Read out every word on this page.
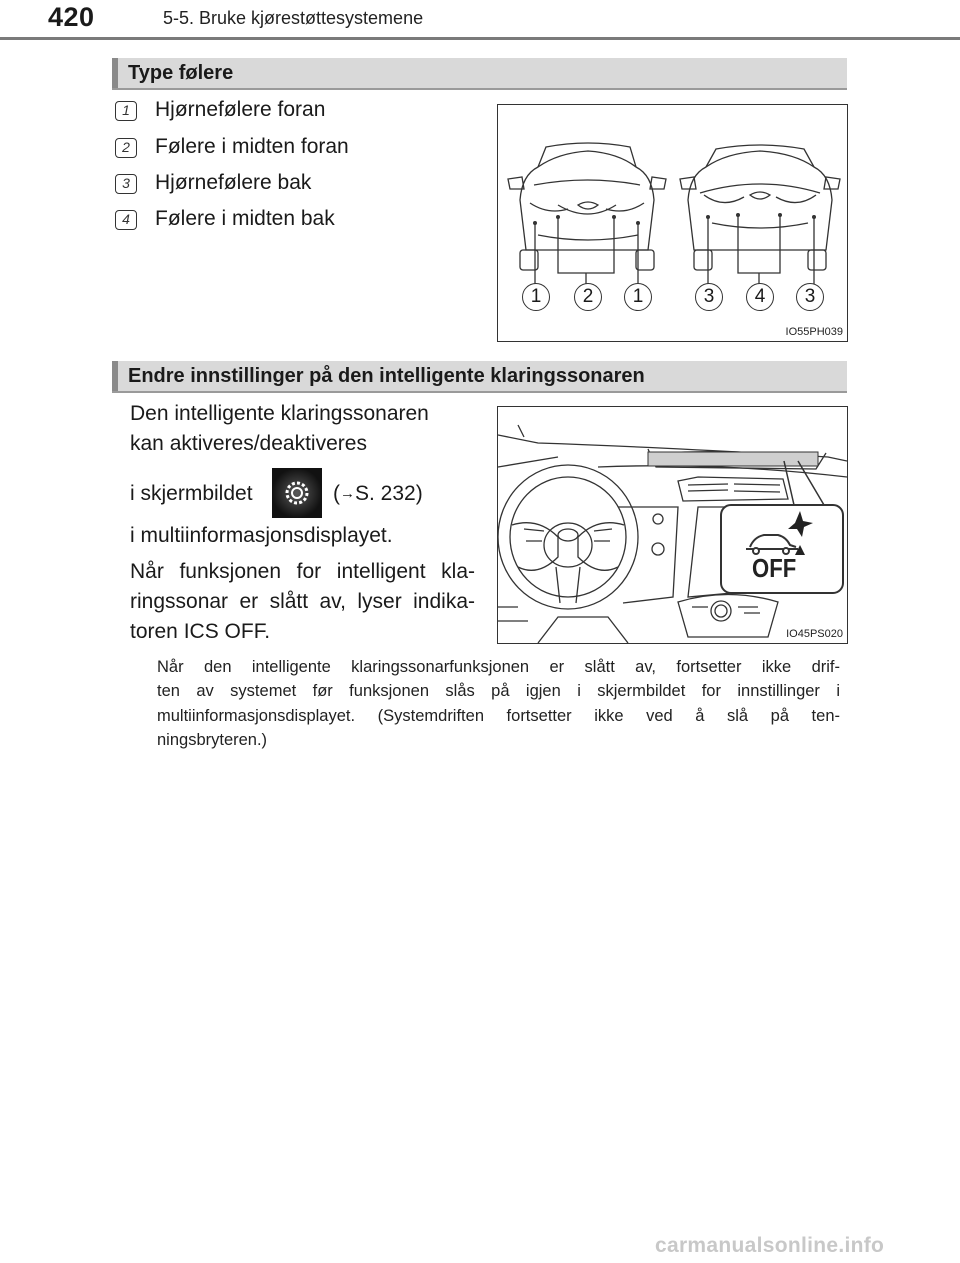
420	5-5. Bruke kjørestøttesystemene
Type følere
1	Hjørnefølere foran
2	Følere i midten foran
3	Hjørnefølere bak
4	Følere i midten bak
1	2	1	3	4	3
IO55PH039
Endre innstillinger på den intelligente klaringssonaren
Den intelligente klaringssonaren
kan aktiveres/deaktiveres
i skjermbildet	(→S. 232)
i multiinformasjonsdisplayet.
Når funksjonen for intelligent kla-
ringssonar er slått av, lyser indika-
toren ICS OFF.
OFF
IO45PS020
Når den intelligente klaringssonarfunksjonen er slått av, fortsetter ikke drif-
ten av systemet før funksjonen slås på igjen i skjermbildet for innstillinger i
multiinformasjonsdisplayet. (Systemdriften fortsetter ikke ved å slå på ten-
ningsbryteren.)
carmanualsonline.info
